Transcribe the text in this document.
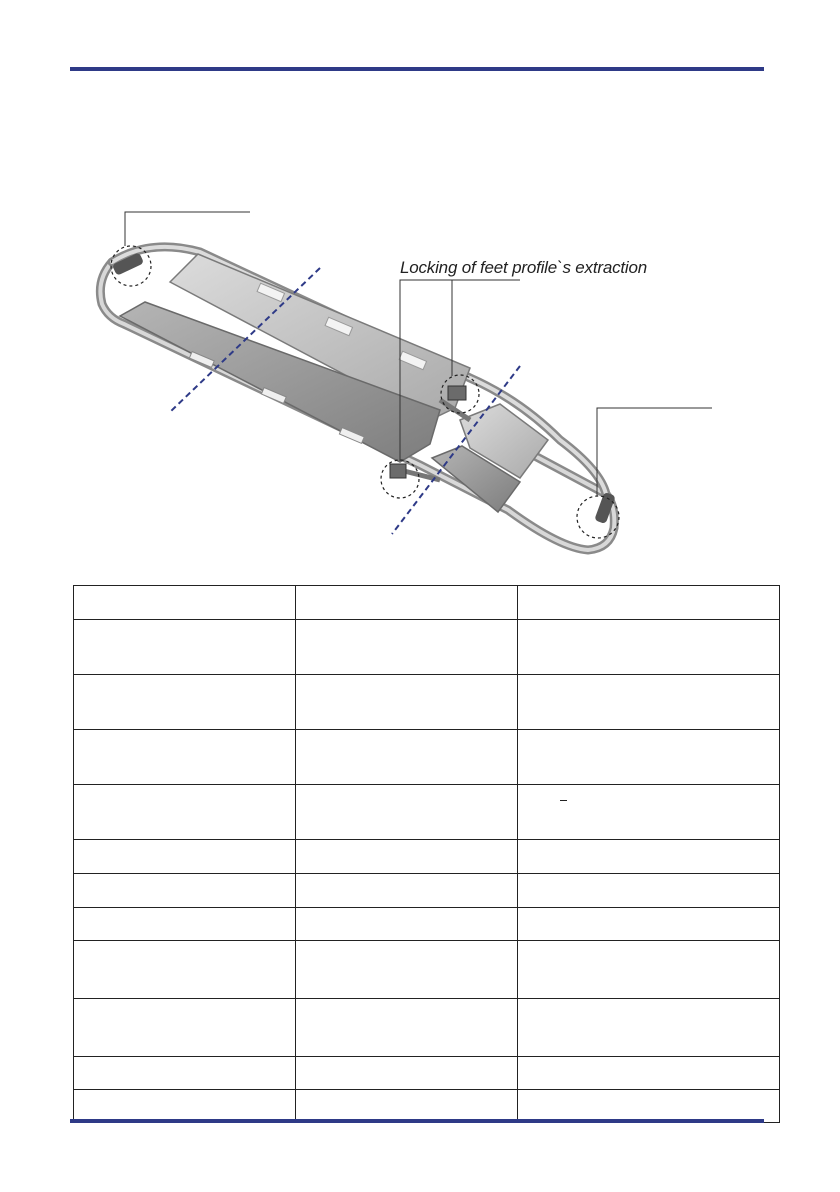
Locking of feet profile`s extraction
